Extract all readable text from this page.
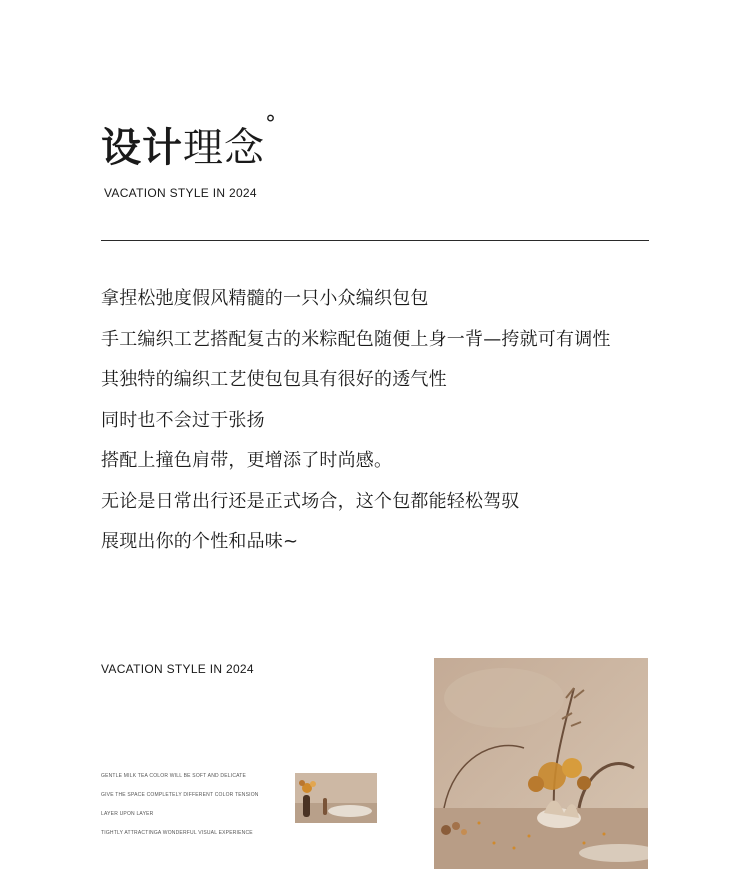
设计理念
°
VACATION STYLE IN 2024
拿捏松弛度假风精髓的一只小众编织包包
手工编织工艺搭配复古的米粽配色随便上身一背—挎就可有调性
其独特的编织工艺使包包具有很好的透气性
同时也不会过于张扬
搭配上撞色肩带，更增添了时尚感。
无论是日常出行还是正式场合，这个包都能轻松驾驭
展现出你的个性和品味~
VACATION STYLE IN 2024
GENTLE MILK TEA COLOR WILL BE SOFT AND DELICATE
GIVE THE SPACE COMPLETELY DIFFERENT COLOR TENSION
LAYER UPON LAYER
TIGHTLY ATTRACTINGA WONDERFUL VISUAL EXPERIENCE
